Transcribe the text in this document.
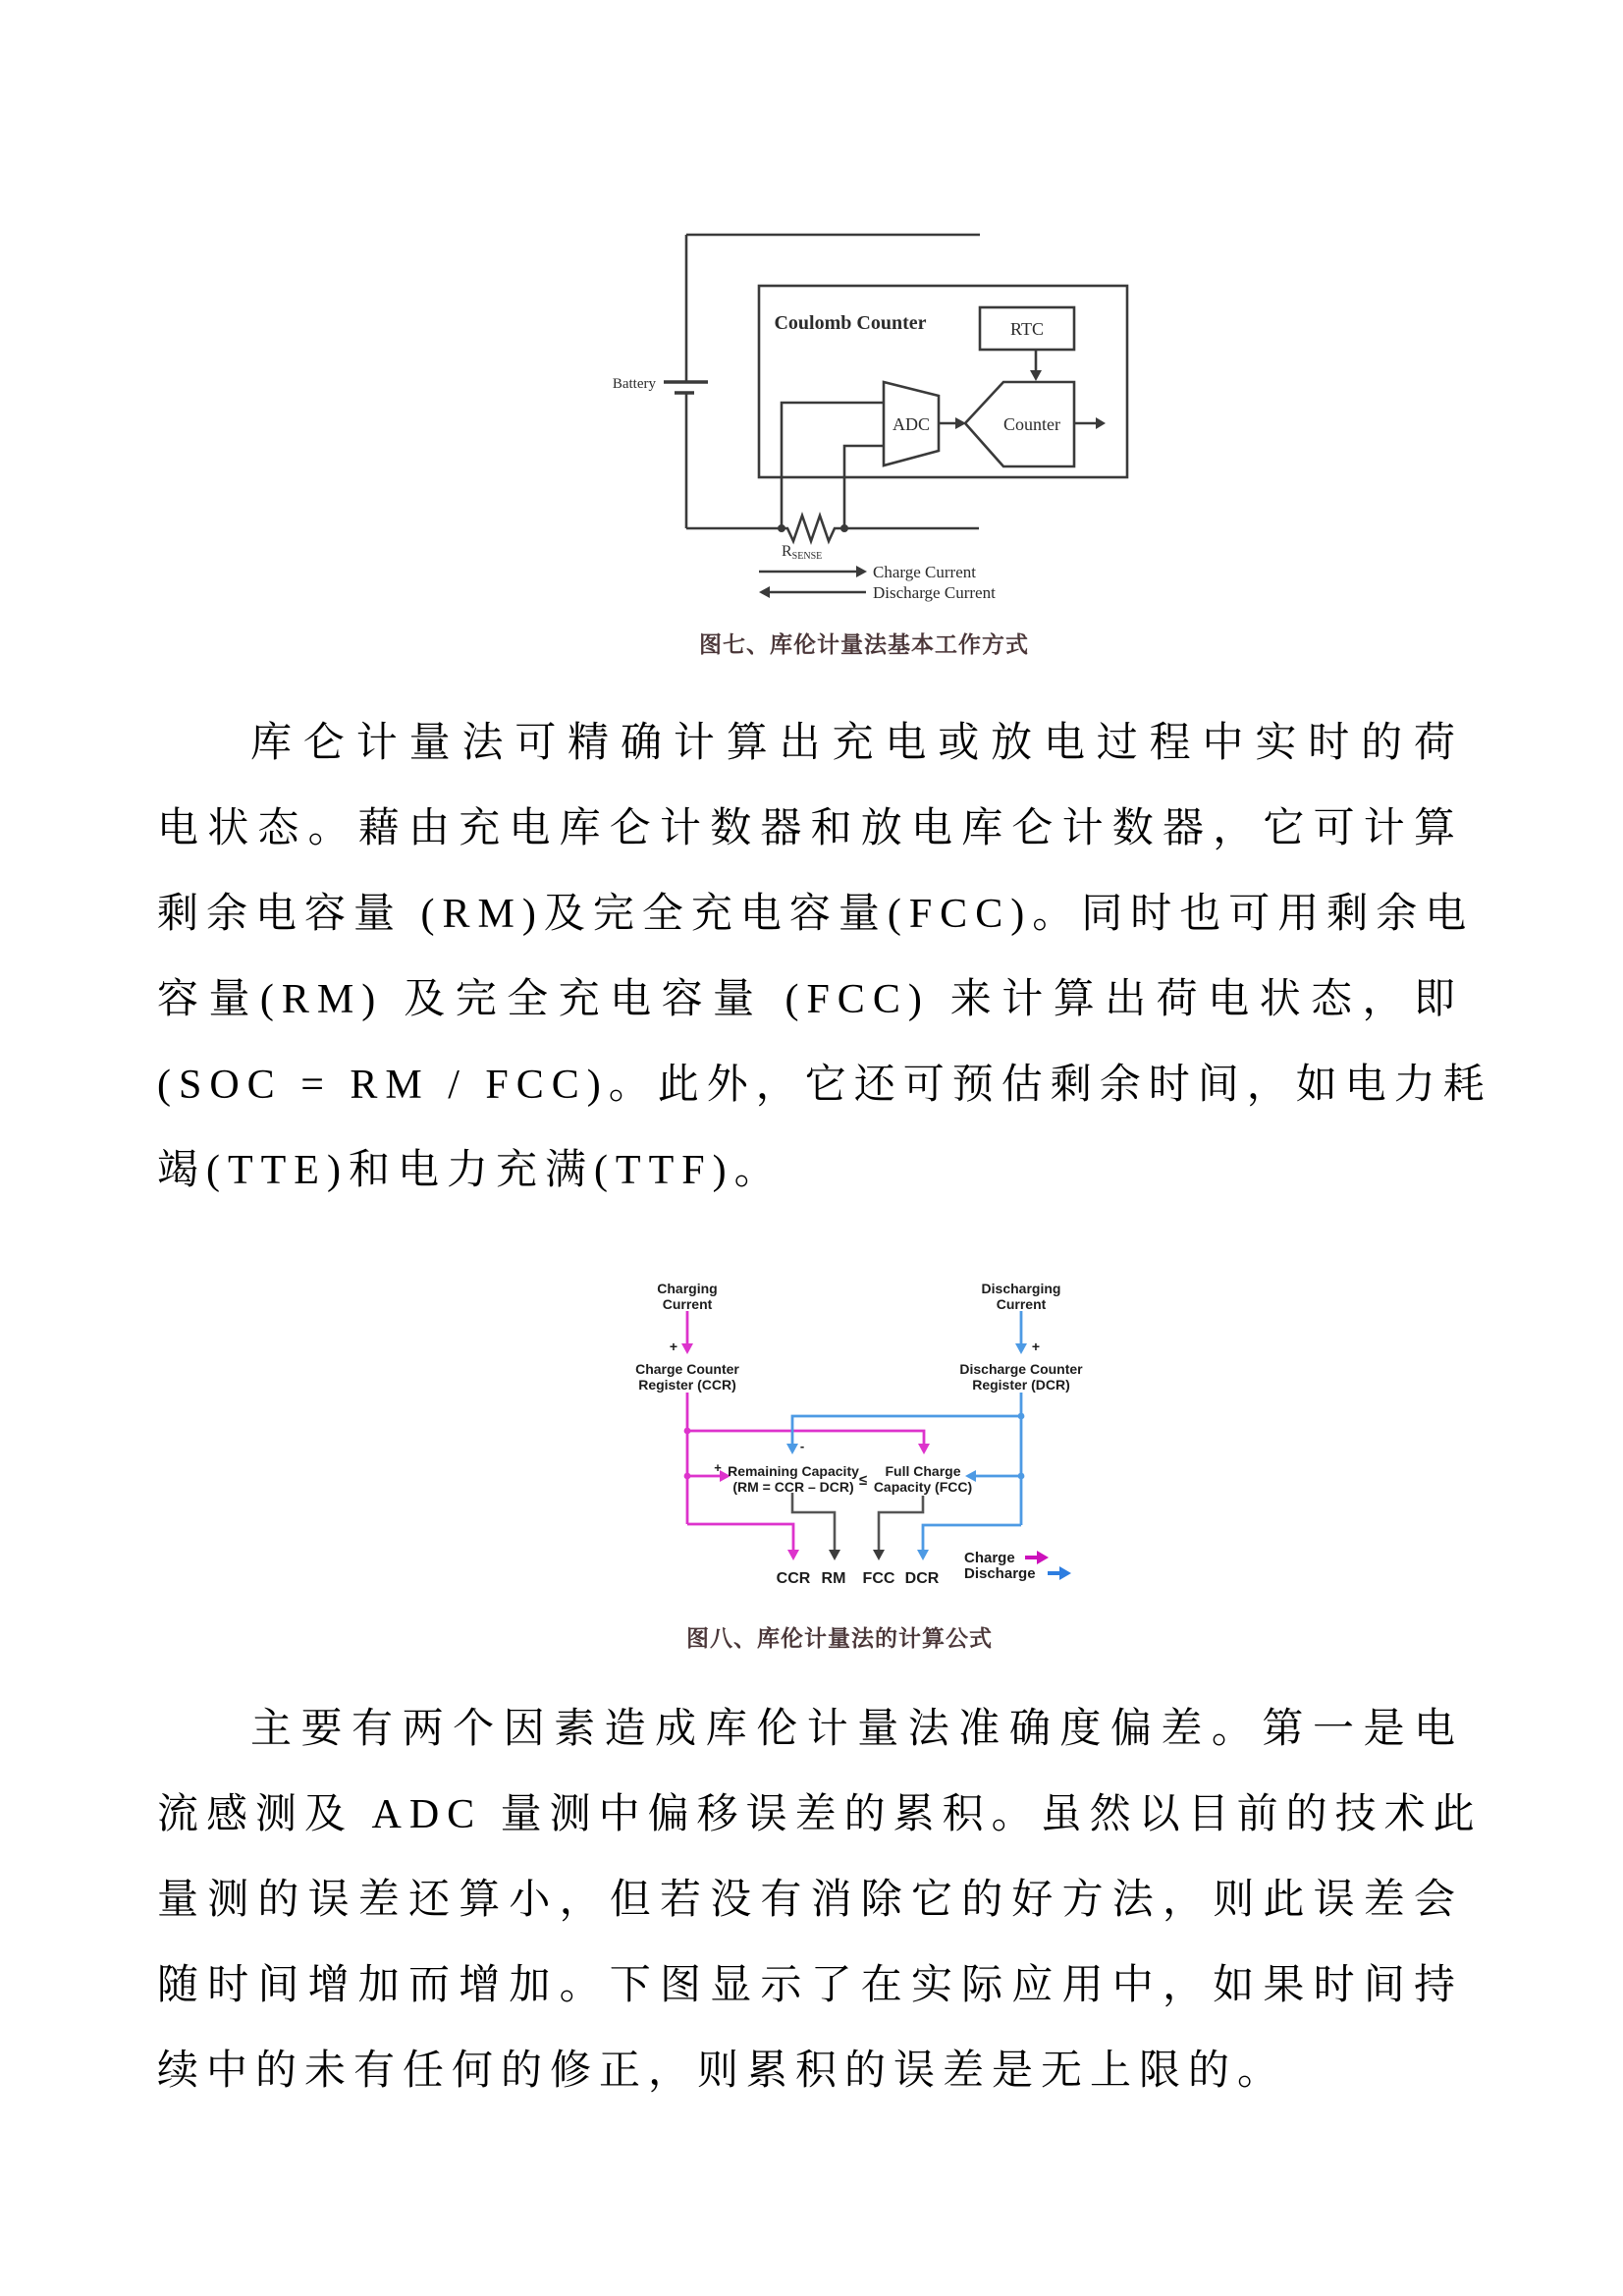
Battery
Coulomb Counter	RTC
ADC	Counter
RSENSE
Charge Current
Discharge Current
图七、库伦计量法基本工作方式
库仑计量法可精确计算出充电或放电过程中实时的荷
电状态。藉由充电库仑计数器和放电库仑计数器，它可计算
剩余电容量 (RM)及完全充电容量(FCC)。同时也可用剩余电
容量(RM) 及完全充电容量 (FCC) 来计算出荷电状态，即
(SOC = RM / FCC)。此外，它还可预估剩余时间，如电力耗
竭(TTE)和电力充满(TTF)。
Charging
Current
Discharging
Current
+	+
Charge Counter
Register (CCR)
Discharge Counter
Register (DCR)
+
-
Remaining Capacity
(RM = CCR – DCR) ≤
Full Charge
Capacity (FCC)
CCR RM FCC DCR
Charge
Discharge
图八、库伦计量法的计算公式
主要有两个因素造成库伦计量法准确度偏差。第一是电
流感测及 ADC 量测中偏移误差的累积。虽然以目前的技术此
量测的误差还算小，但若没有消除它的好方法，则此误差会
随时间增加而增加。下图显示了在实际应用中，如果时间持
续中的未有任何的修正，则累积的误差是无上限的。
